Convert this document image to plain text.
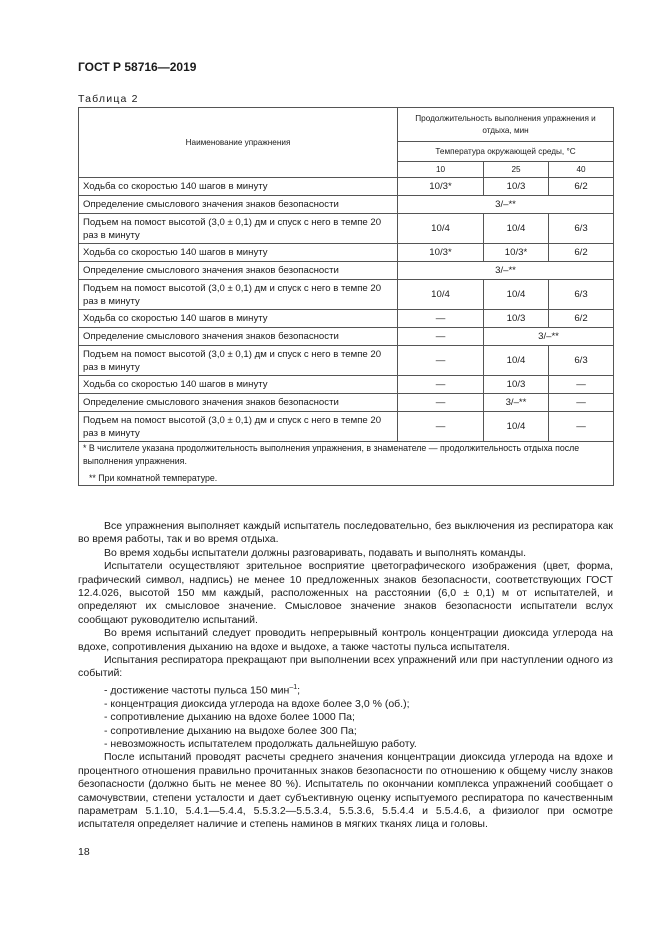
ГОСТ Р 58716—2019
Таблица 2
Наименование упражнения	Продолжительность выполнения упражнения и отдыха, мин		
	Температура окружающей среды, °С		
	10	25	40
Ходьба со скоростью 140 шагов в минуту	10/3*	10/3	6/2
Определение смыслового значения знаков безопасности	3/–**		
Подъем на помост высотой (3,0 ± 0,1) дм и спуск с него в темпе 20 раз в минуту	10/4	10/4	6/3
Ходьба со скоростью 140 шагов в минуту	10/3*	10/3*	6/2
Определение смыслового значения знаков безопасности	3/–**		
Подъем на помост высотой (3,0 ± 0,1) дм и спуск с него в темпе 20 раз в минуту	10/4	10/4	6/3
Ходьба со скоростью 140 шагов в минуту	—	10/3	6/2
Определение смыслового значения знаков безопасности	—	3/–**	
Подъем на помост высотой (3,0 ± 0,1) дм и спуск с него в темпе 20 раз в минуту	—	10/4	6/3
Ходьба со скоростью 140 шагов в минуту	—	10/3	—
Определение смыслового значения знаков безопасности	—	3/–**	—
Подъем на помост высотой (3,0 ± 0,1) дм и спуск с него в темпе 20 раз в минуту	—	10/4	—

* В числителе указана продолжительность выполнения упражнения, в знаменателе — продолжительность отдыха после выполнения упражнения.
** При комнатной температуре.			

Все упражнения выполняет каждый испытатель последовательно, без выключения из респиратора как во время работы, так и во время отдыха.

Во время ходьбы испытатели должны разговаривать, подавать и выполнять команды.

Испытатели осуществляют зрительное восприятие цветографического изображения (цвет, форма, графический символ, надпись) не менее 10 предложенных знаков безопасности, соответствующих ГОСТ 12.4.026, высотой 150 мм каждый, расположенных на расстоянии (6,0 ± 0,1) м от испытателей, и определяют их смысловое значение. Смысловое значение знаков безопасности испытатели вслух сообщают руководителю испытаний.

Во время испытаний следует проводить непрерывный контроль концентрации диоксида углерода на вдохе, сопротивления дыханию на вдохе и выдохе, а также частоты пульса испытателя.

Испытания респиратора прекращают при выполнении всех упражнений или при наступлении одного из событий:

- достижение частоты пульса 150 мин$^{-1}$;
- концентрация диоксида углерода на вдохе более 3,0 % (об.);
- сопротивление дыханию на вдохе более 1000 Па;
- сопротивление дыханию на выдохе более 300 Па;
- невозможность испытателем продолжать дальнейшую работу.

После испытаний проводят расчеты среднего значения концентрации диоксида углерода на вдохе и процентного отношения правильно прочитанных знаков безопасности по отношению к общему числу знаков безопасности (должно быть не менее 80 %). Испытатель по окончании комплекса упражнений сообщает о самочувствии, степени усталости и дает субъективную оценку испытуемого респиратора по качественным параметрам 5.1.10, 5.4.1—5.4.4, 5.5.3.2—5.5.3.4, 5.5.3.6, 5.5.4.4 и 5.5.4.6, а физиолог при осмотре испытателя определяет наличие и степень наминов в мягких тканях лица и головы.

18
